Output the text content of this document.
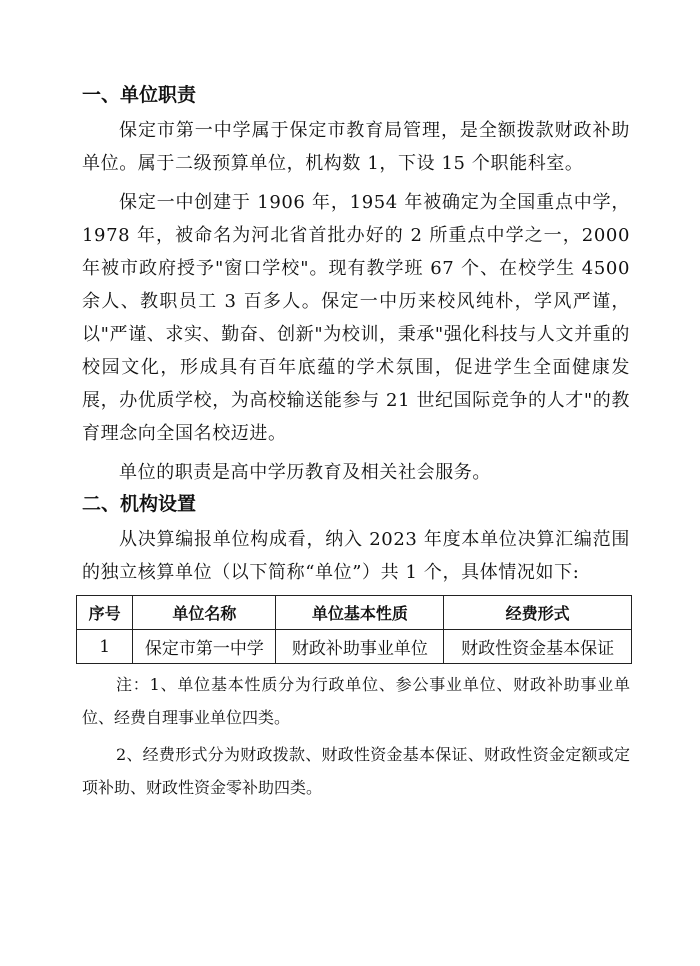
一、单位职责

保定市第一中学属于保定市教育局管理，是全额拨款财政补助单位。属于二级预算单位，机构数 1，下设 15 个职能科室。

保定一中创建于 1906 年，1954 年被确定为全国重点中学，1978 年，被命名为河北省首批办好的 2 所重点中学之一，2000 年被市政府授予"窗口学校"。现有教学班 67 个、在校学生 4500 余人、教职员工 3 百多人。保定一中历来校风纯朴，学风严谨，以"严谨、求实、勤奋、创新"为校训，秉承"强化科技与人文并重的校园文化，形成具有百年底蕴的学术氛围，促进学生全面健康发展，办优质学校，为高校输送能参与 21 世纪国际竞争的人才"的教育理念向全国名校迈进。

单位的职责是高中学历教育及相关社会服务。

二、机构设置

从决算编报单位构成看，纳入 2023 年度本单位决算汇编范围的独立核算单位（以下简称“单位”）共 1 个，具体情况如下:

序号	单位名称	单位基本性质	经费形式
1	保定市第一中学	财政补助事业单位	财政性资金基本保证

注：1、单位基本性质分为行政单位、参公事业单位、财政补助事业单位、经费自理事业单位四类。

2、经费形式分为财政拨款、财政性资金基本保证、财政性资金定额或定项补助、财政性资金零补助四类。
